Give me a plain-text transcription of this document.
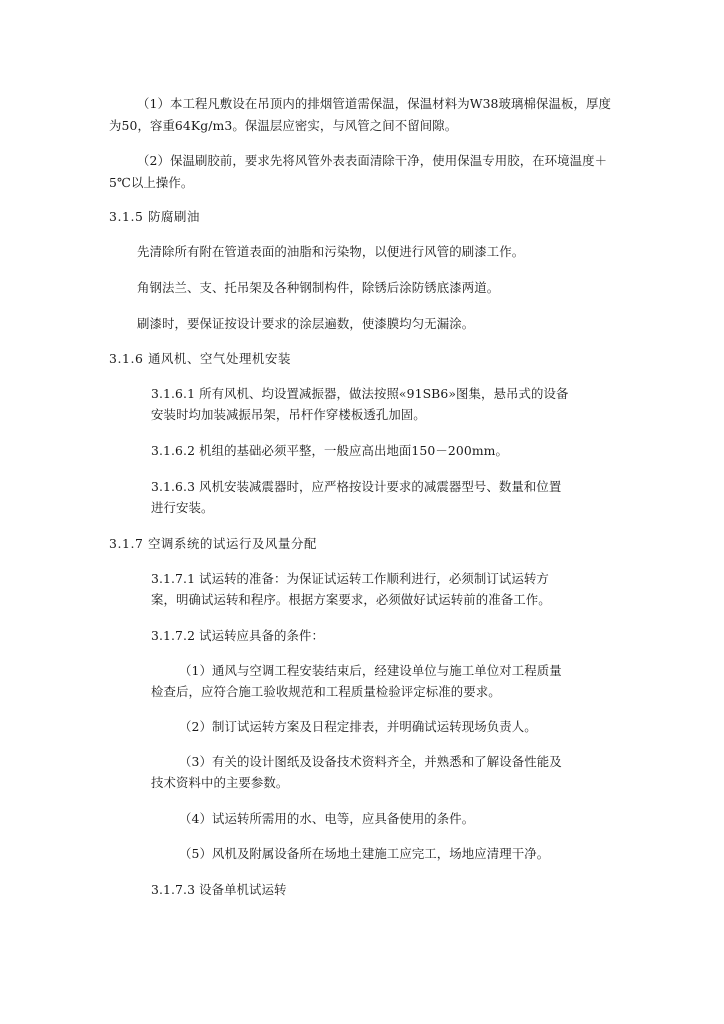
（1）本工程凡敷设在吊顶内的排烟管道需保温，保温材料为W38玻璃棉保温板，厚度
为50，容重64Kg/m3。保温层应密实，与风管之间不留间隙。
（2）保温刷胶前，要求先将风管外表表面清除干净，使用保温专用胶，在环境温度＋
5℃以上操作。
3.1.5 防腐刷油
先清除所有附在管道表面的油脂和污染物，以便进行风管的刷漆工作。
角钢法兰、支、托吊架及各种钢制构件，除锈后涂防锈底漆两道。
刷漆时，要保证按设计要求的涂层遍数，使漆膜均匀无漏涂。
3.1.6 通风机、空气处理机安装
3.1.6.1 所有风机、均设置减振器，做法按照«91SB6»图集，悬吊式的设备
安装时均加装减振吊架，吊杆作穿楼板透孔加固。
3.1.6.2 机组的基础必须平整，一般应高出地面150－200mm。
3.1.6.3 风机安装减震器时，应严格按设计要求的减震器型号、数量和位置
进行安装。
3.1.7 空调系统的试运行及风量分配
3.1.7.1 试运转的准备：为保证试运转工作顺利进行，必须制订试运转方
案，明确试运转和程序。根据方案要求，必须做好试运转前的准备工作。
3.1.7.2 试运转应具备的条件：
（1）通风与空调工程安装结束后，经建设单位与施工单位对工程质量
检查后，应符合施工验收规范和工程质量检验评定标准的要求。
（2）制订试运转方案及日程定排表，并明确试运转现场负责人。
（3）有关的设计图纸及设备技术资料齐全，并熟悉和了解设备性能及
技术资料中的主要参数。
（4）试运转所需用的水、电等，应具备使用的条件。
（5）风机及附属设备所在场地土建施工应完工，场地应清理干净。
3.1.7.3 设备单机试运转
